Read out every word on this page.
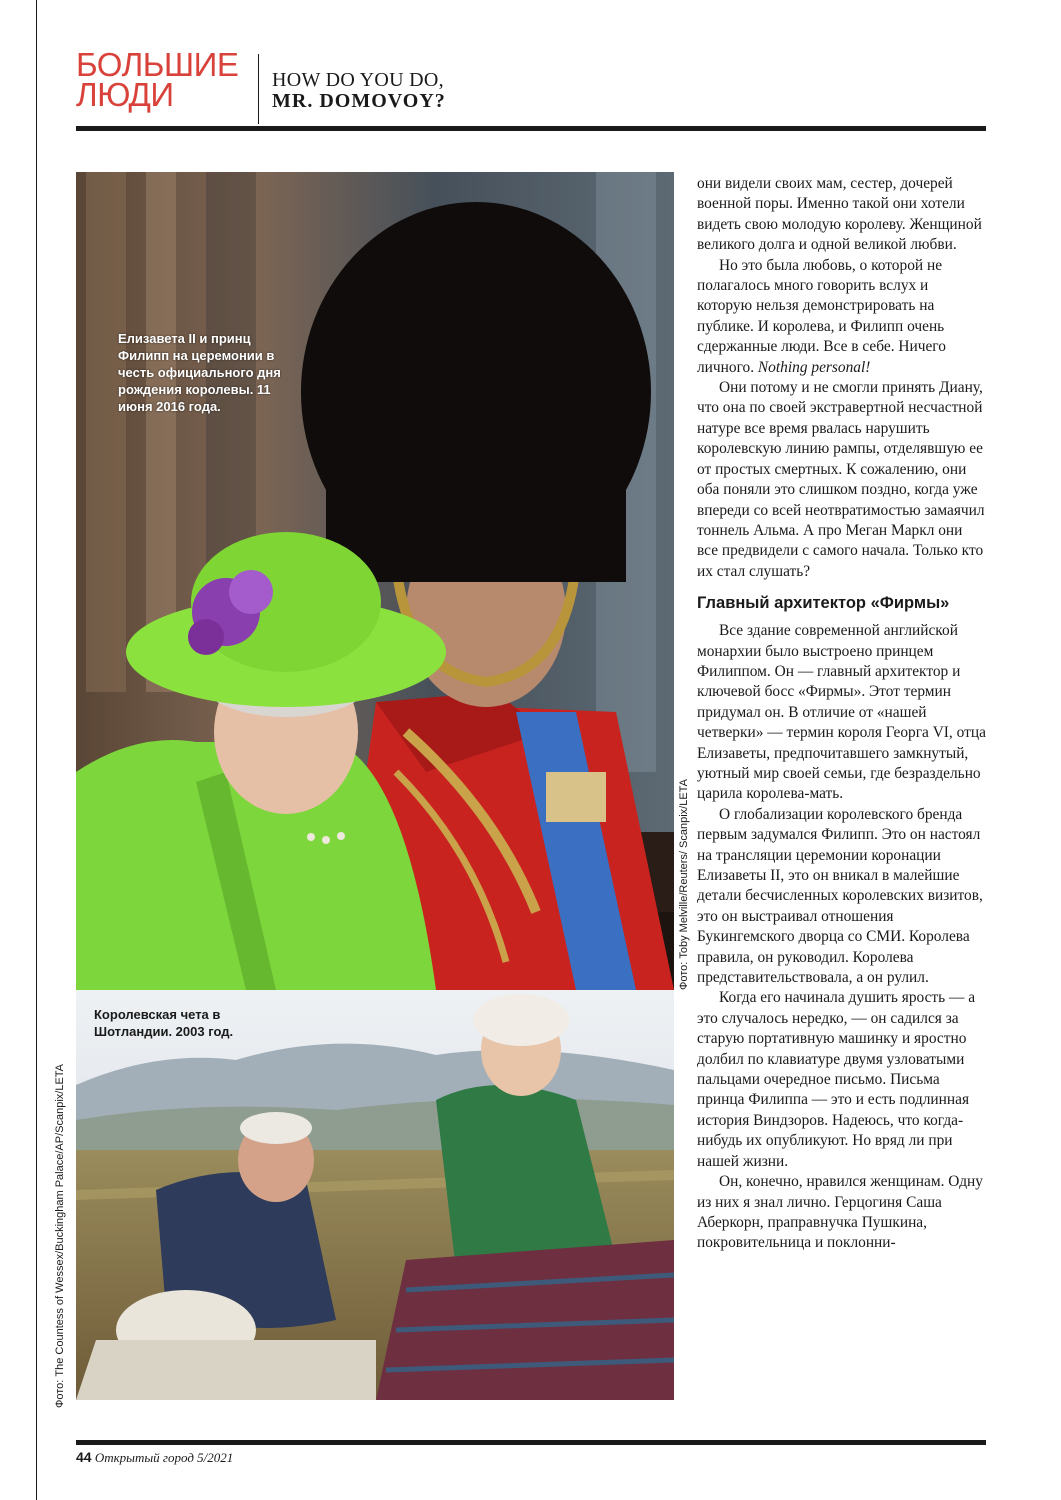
БОЛЬШИЕ
ЛЮДИ	HOW DO YOU DO,
MR. DOMOVOY?
Елизавета II и принц Филипп на церемонии в честь официального дня рождения королевы. 11 июня 2016 года.
Фото: Toby Melville/Reuters/ Scanpix/LETA
Королевская чета в Шотландии. 2003 год.
Фото: The Countess of Wessex/Buckingham Palace/AP/Scanpix/LETA

они видели своих мам, сестер, дочерей военной поры. Именно такой они хотели видеть свою молодую королеву. Женщиной великого долга и одной великой любви.

Но это была любовь, о которой не полагалось много говорить вслух и которую нельзя демонстрировать на публике. И королева, и Филипп очень сдержанные люди. Все в себе. Ничего личного. Nothing personal!

Они потому и не смогли принять Диану, что она по своей экстравертной несчастной натуре все время рвалась нарушить королевскую линию рампы, отделявшую ее от простых смертных. К сожалению, они оба поняли это слишком поздно, когда уже впереди со всей неотвратимостью замаячил тоннель Альма. А про Меган Маркл они все предвидели с самого начала. Только кто их стал слушать?

Главный архитектор «Фирмы»

Все здание современной английской монархии было выстроено принцем Филиппом. Он — главный архитектор и ключевой босс «Фирмы». Этот термин придумал он. В отличие от «нашей четверки» — термин короля Георга VI, отца Елизаветы, предпочитавшего замкнутый, уютный мир своей семьи, где безраздельно царила королева-мать.

О глобализации королевского бренда первым задумался Филипп. Это он настоял на трансляции церемонии коронации Елизаветы II, это он вникал в малейшие детали бесчисленных королевских визитов, это он выстраивал отношения Букингемского дворца со СМИ. Королева правила, он руководил. Королева представительствовала, а он рулил.

Когда его начинала душить ярость — а это случалось нередко, — он садился за старую портативную машинку и яростно долбил по клавиатуре двумя узловатыми пальцами очередное письмо. Письма принца Филиппа — это и есть подлинная история Виндзоров. Надеюсь, что когда-нибудь их опубликуют. Но вряд ли при нашей жизни.

Он, конечно, нравился женщинам. Одну из них я знал лично. Герцогиня Саша Аберкорн, праправнучка Пушкина, покровительница и поклонни-

44 Открытый город 5/2021
